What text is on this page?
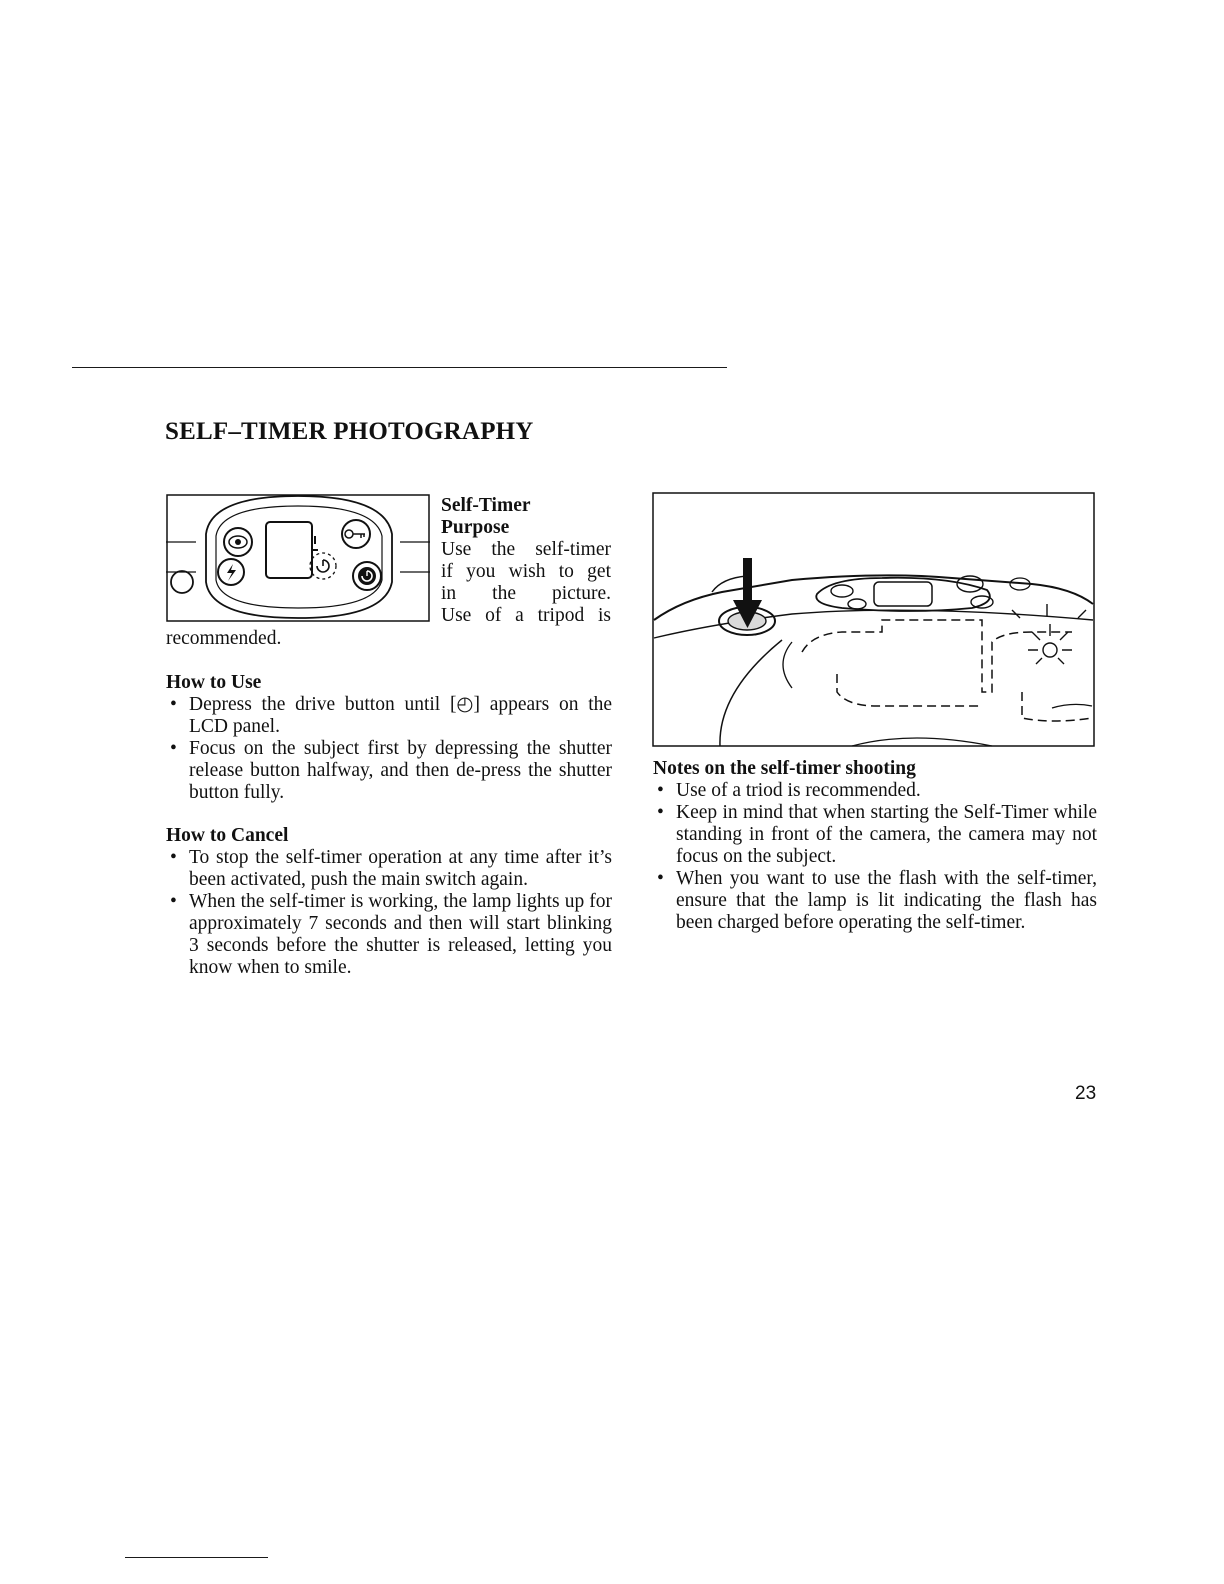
SELF–TIMER PHOTOGRAPHY
Self-Timer
Purpose
Use the self-timer
if you wish to get
in the picture.
Use of a tripod is
recommended.

How to Use

• Depress the drive button until [◴] appears on the LCD panel.
• Focus on the subject first by depressing the shutter release button halfway, and then de-press the shutter button fully.

How to Cancel

• To stop the self-timer operation at any time after it’s been activated, push the main switch again.
• When the self-timer is working, the lamp lights up for approximately 7 seconds and then will start blinking 3 seconds before the shutter is released, letting you know when to smile.

Notes on the self-timer shooting

• Use of a triod is recommended.
• Keep in mind that when starting the Self-Timer while standing in front of the camera, the camera may not focus on the subject.
• When you want to use the flash with the self-timer, ensure that the lamp is lit indicating the flash has been charged before operating the self-timer.
23
